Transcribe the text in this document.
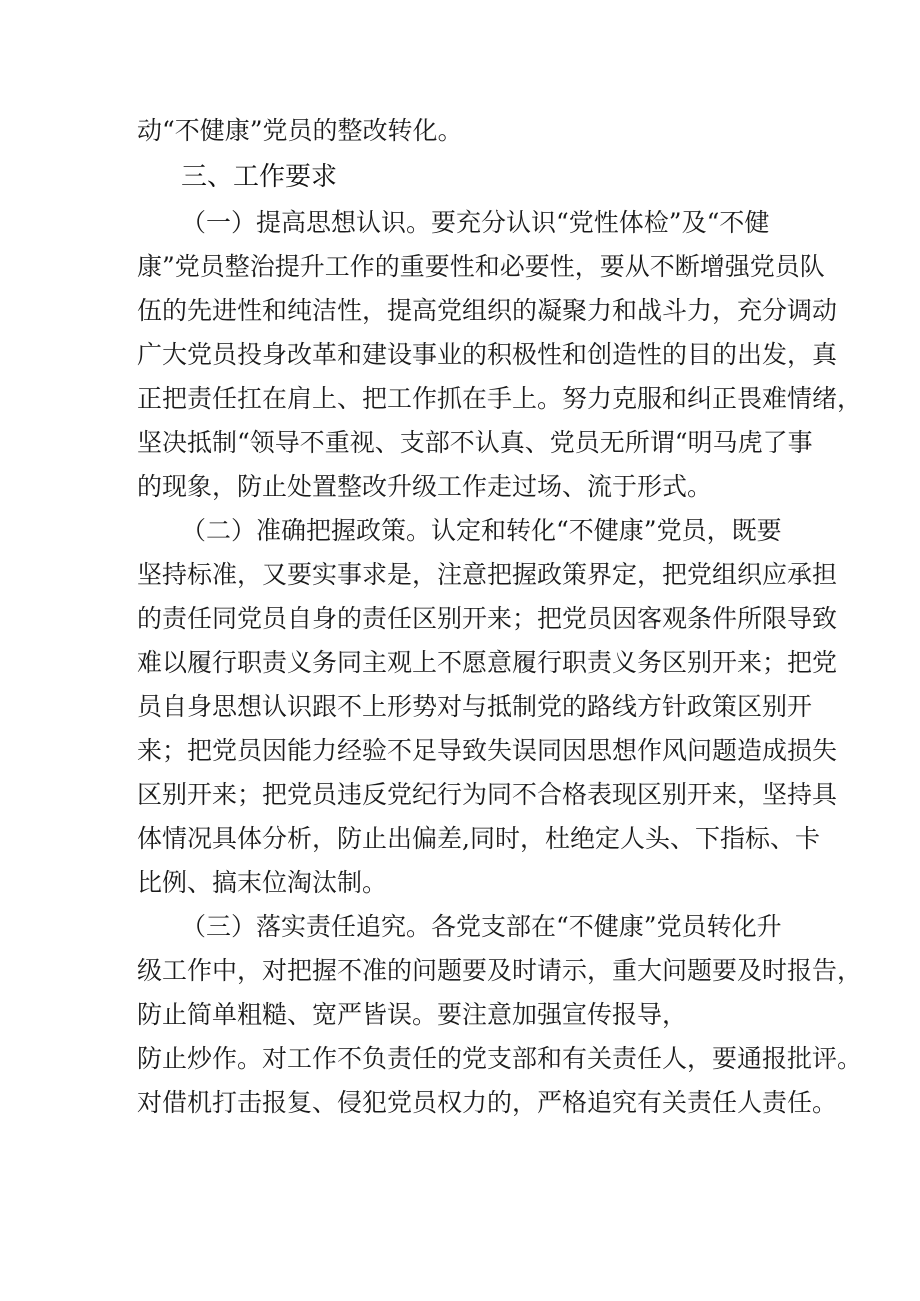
动“不健康”党员的整改转化。
三、工作要求
（一）提高思想认识。要充分认识“党性体检”及“不健
康”党员整治提升工作的重要性和必要性，要从不断增强党员队
伍的先进性和纯洁性，提高党组织的凝聚力和战斗力，充分调动
广大党员投身改革和建设事业的积极性和创造性的目的出发，真
正把责任扛在肩上、把工作抓在手上。努力克服和纠正畏难情绪，
坚决抵制“领导不重视、支部不认真、党员无所谓“明马虎了事
的现象，防止处置整改升级工作走过场、流于形式。
（二）准确把握政策。认定和转化“不健康”党员，既要
坚持标准，又要实事求是，注意把握政策界定，把党组织应承担
的责任同党员自身的责任区别开来；把党员因客观条件所限导致
难以履行职责义务同主观上不愿意履行职责义务区别开来；把党
员自身思想认识跟不上形势对与抵制党的路线方针政策区别开
来；把党员因能力经验不足导致失误同因思想作风问题造成损失
区别开来；把党员违反党纪行为同不合格表现区别开来，坚持具
体情况具体分析，防止出偏差,同时，杜绝定人头、下指标、卡
比例、搞末位淘汰制。
（三）落实责任追究。各党支部在“不健康”党员转化升
级工作中，对把握不准的问题要及时请示，重大问题要及时报告，
防止简单粗糙、宽严皆误。要注意加强宣传报导，
防止炒作。对工作不负责任的党支部和有关责任人，要通报批评。
对借机打击报复、侵犯党员权力的，严格追究有关责任人责任。
